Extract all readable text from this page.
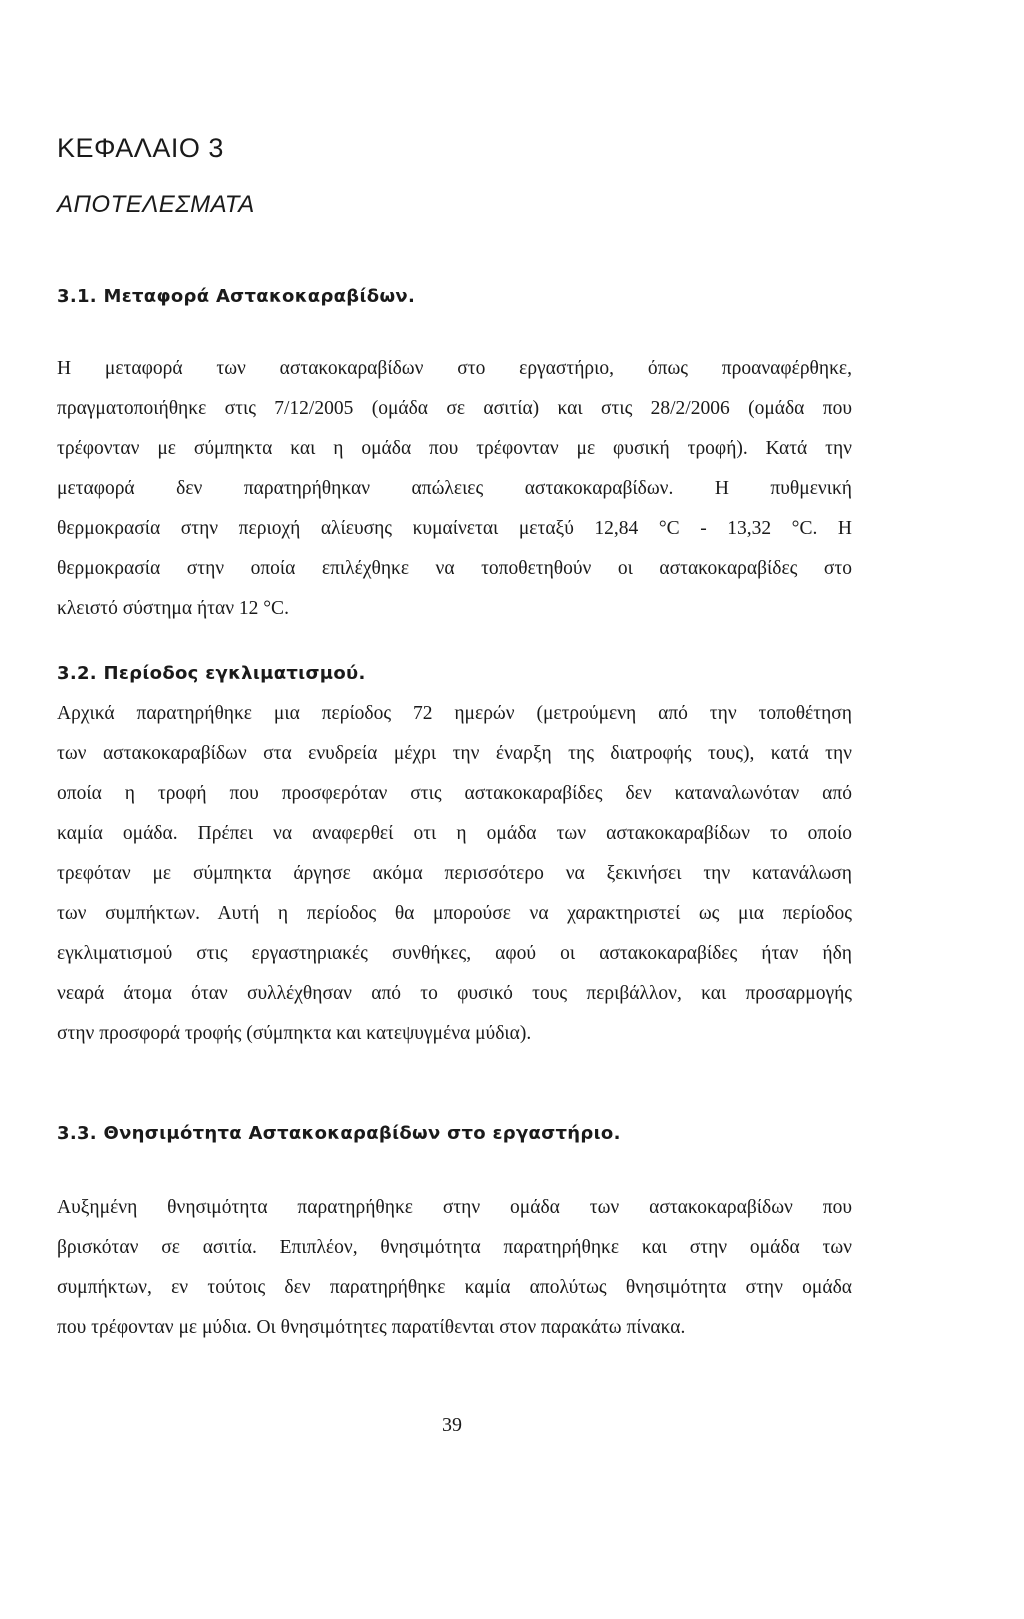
ΚΕΦΑΛΑΙΟ 3
ΑΠΟΤΕΛΕΣΜΑΤΑ
3.1. Μεταφορά Αστακοκαραβίδων.

Η μεταφορά των αστακοκαραβίδων στο εργαστήριο, όπως προαναφέρθηκε,
πραγματοποιήθηκε στις 7/12/2005 (ομάδα σε ασιτία) και στις 28/2/2006 (ομάδα που
τρέφονταν με σύμπηκτα και η ομάδα που τρέφονταν με φυσική τροφή). Κατά την
μεταφορά δεν παρατηρήθηκαν απώλειες αστακοκαραβίδων. Η πυθμενική
θερμοκρασία στην περιοχή αλίευσης κυμαίνεται μεταξύ 12,84 °C - 13,32 °C. Η
θερμοκρασία στην οποία επιλέχθηκε να τοποθετηθούν οι αστακοκαραβίδες στο
κλειστό σύστημα ήταν 12 °C.

3.2. Περίοδος εγκλιματισμού.

Αρχικά παρατηρήθηκε μια περίοδος 72 ημερών (μετρούμενη από την τοποθέτηση
των αστακοκαραβίδων στα ενυδρεία μέχρι την έναρξη της διατροφής τους), κατά την
οποία η τροφή που προσφερόταν στις αστακοκαραβίδες δεν καταναλωνόταν από
καμία ομάδα. Πρέπει να αναφερθεί οτι η ομάδα των αστακοκαραβίδων το οποίο
τρεφόταν με σύμπηκτα άργησε ακόμα περισσότερο να ξεκινήσει την κατανάλωση
των συμπήκτων. Αυτή η περίοδος θα μπορούσε να χαρακτηριστεί ως μια περίοδος
εγκλιματισμού στις εργαστηριακές συνθήκες, αφού οι αστακοκαραβίδες ήταν ήδη
νεαρά άτομα όταν συλλέχθησαν από το φυσικό τους περιβάλλον, και προσαρμογής
στην προσφορά τροφής (σύμπηκτα και κατεψυγμένα μύδια).

3.3. Θνησιμότητα Αστακοκαραβίδων στο εργαστήριο.

Αυξημένη θνησιμότητα παρατηρήθηκε στην ομάδα των αστακοκαραβίδων που
βρισκόταν σε ασιτία. Επιπλέον, θνησιμότητα παρατηρήθηκε και στην ομάδα των
συμπήκτων, εν τούτοις δεν παρατηρήθηκε καμία απολύτως θνησιμότητα στην ομάδα
που τρέφονταν με μύδια. Οι θνησιμότητες παρατίθενται στον παρακάτω πίνακα.

39
